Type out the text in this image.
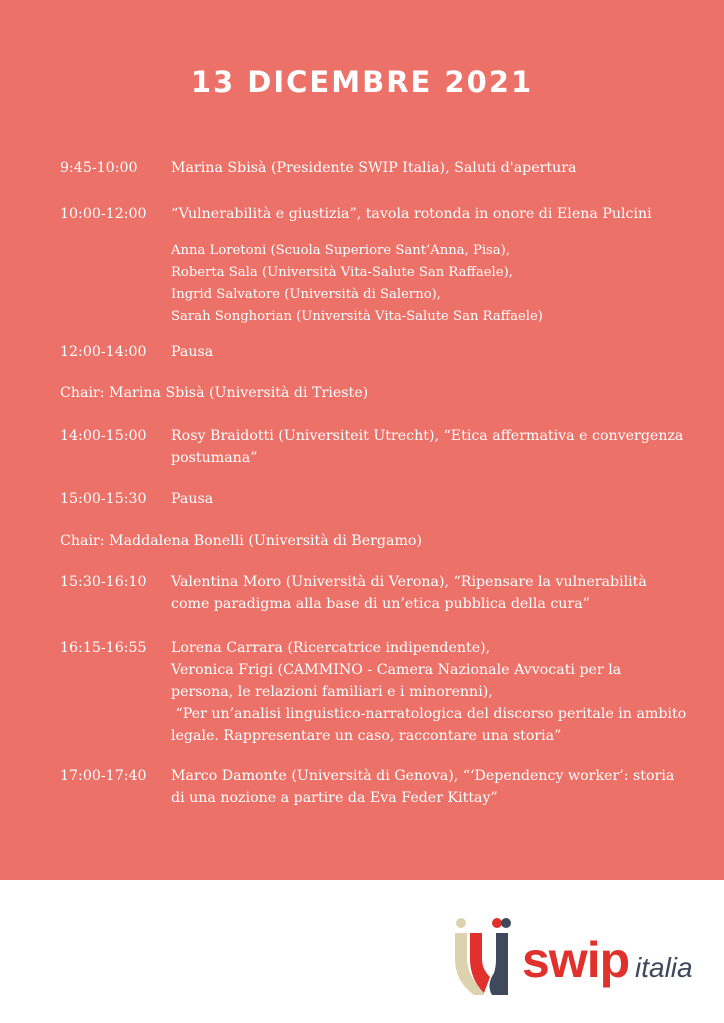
13 DICEMBRE 2021
9:45-10:00	Marina Sbisà (Presidente SWIP Italia), Saluti d'apertura
10:00-12:00	“Vulnerabilità e giustizia”, tavola rotonda in onore di Elena Pulcini
Anna Loretoni (Scuola Superiore Sant’Anna, Pisa),
Roberta Sala (Università Vita-Salute San Raffaele),
Ingrid Salvatore (Università di Salerno),
Sarah Songhorian (Università Vita-Salute San Raffaele)
12:00-14:00	Pausa
Chair: Marina Sbisà (Università di Trieste)
14:00-15:00	Rosy Braidotti (Universiteit Utrecht), “Etica affermativa e convergenza
postumana”
15:00-15:30	Pausa
Chair: Maddalena Bonelli (Università di Bergamo)
15:30-16:10	Valentina Moro (Università di Verona), “Ripensare la vulnerabilità
come paradigma alla base di un’etica pubblica della cura”
16:15-16:55	Lorena Carrara (Ricercatrice indipendente),
Veronica Frigi (CAMMINO - Camera Nazionale Avvocati per la
persona, le relazioni familiari e i minorenni),
“Per un’analisi linguistico-narratologica del discorso peritale in ambito
legale. Rappresentare un caso, raccontare una storia”
17:00-17:40	Marco Damonte (Università di Genova), “‘Dependency worker’: storia
di una nozione a partire da Eva Feder Kittay”
swip italia
